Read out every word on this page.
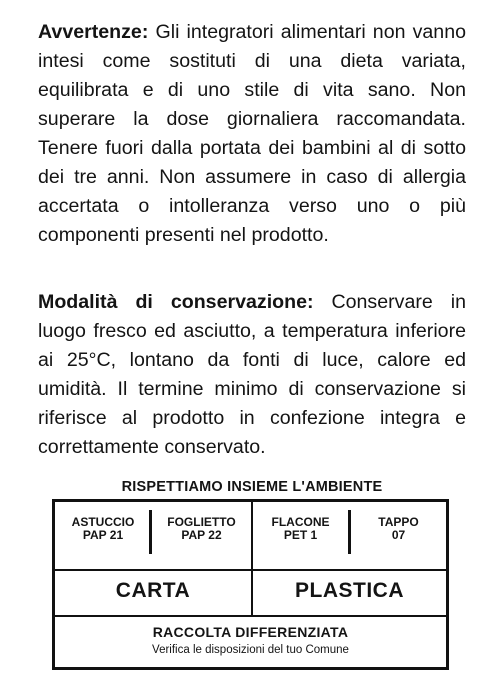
Avvertenze: Gli integratori alimentari non vanno intesi come sostituti di una dieta variata, equilibrata e di uno stile di vita sano. Non superare la dose giornaliera raccomandata. Tenere fuori dalla portata dei bambini al di sotto dei tre anni. Non assumere in caso di allergia accertata o intolleranza verso uno o più componenti presenti nel prodotto.

Modalità di conservazione: Conservare in luogo fresco ed asciutto, a temperatura inferiore ai 25°C, lontano da fonti di luce, calore ed umidità. Il termine minimo di conservazione si riferisce al prodotto in confezione integra e correttamente conservato.

RISPETTIAMO INSIEME L'AMBIENTE
ASTUCCIO
PAP 21
FOGLIETTO
PAP 22
FLACONE
PET 1
TAPPO
07
CARTA	PLASTICA
RACCOLTA DIFFERENZIATA
Verifica le disposizioni del tuo Comune
